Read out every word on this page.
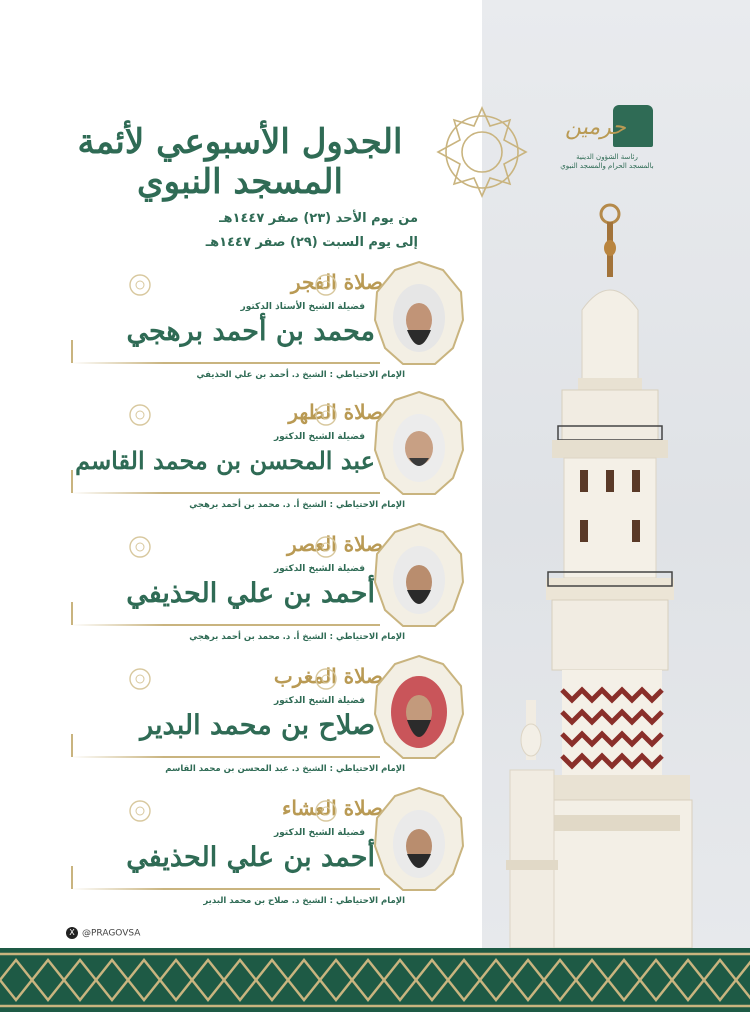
الجدول الأسبوعي لأئمة المسجد النبوي
حرمين
رئاسة الشؤون الدينية
بالمسجد الحرام والمسجد النبوي
من يوم الأحد (٢٣) صفر ١٤٤٧هـ
إلى يوم السبت (٢٩) صفر ١٤٤٧هـ
صلاة الفجر
فضيلة الشيخ الأستاذ الدكتور
محمد بن أحمد برهجي
الإمام الاحتياطي : الشيخ د. أحمد بن علي الحذيفي
صلاة الظهر
فضيلة الشيخ الدكتور
عبد المحسن بن محمد القاسم
الإمام الاحتياطي : الشيخ أ. د. محمد بن أحمد برهجي
صلاة العصر
فضيلة الشيخ الدكتور
أحمد بن علي الحذيفي
الإمام الاحتياطي : الشيخ أ. د. محمد بن أحمد برهجي
صلاة المغرب
فضيلة الشيخ الدكتور
صلاح بن محمد البدير
الإمام الاحتياطي : الشيخ د. عبد المحسن بن محمد القاسم
صلاة العشاء
فضيلة الشيخ الدكتور
أحمد بن علي الحذيفي
الإمام الاحتياطي : الشيخ د. صلاح بن محمد البدير
X @PRAGOVSA
